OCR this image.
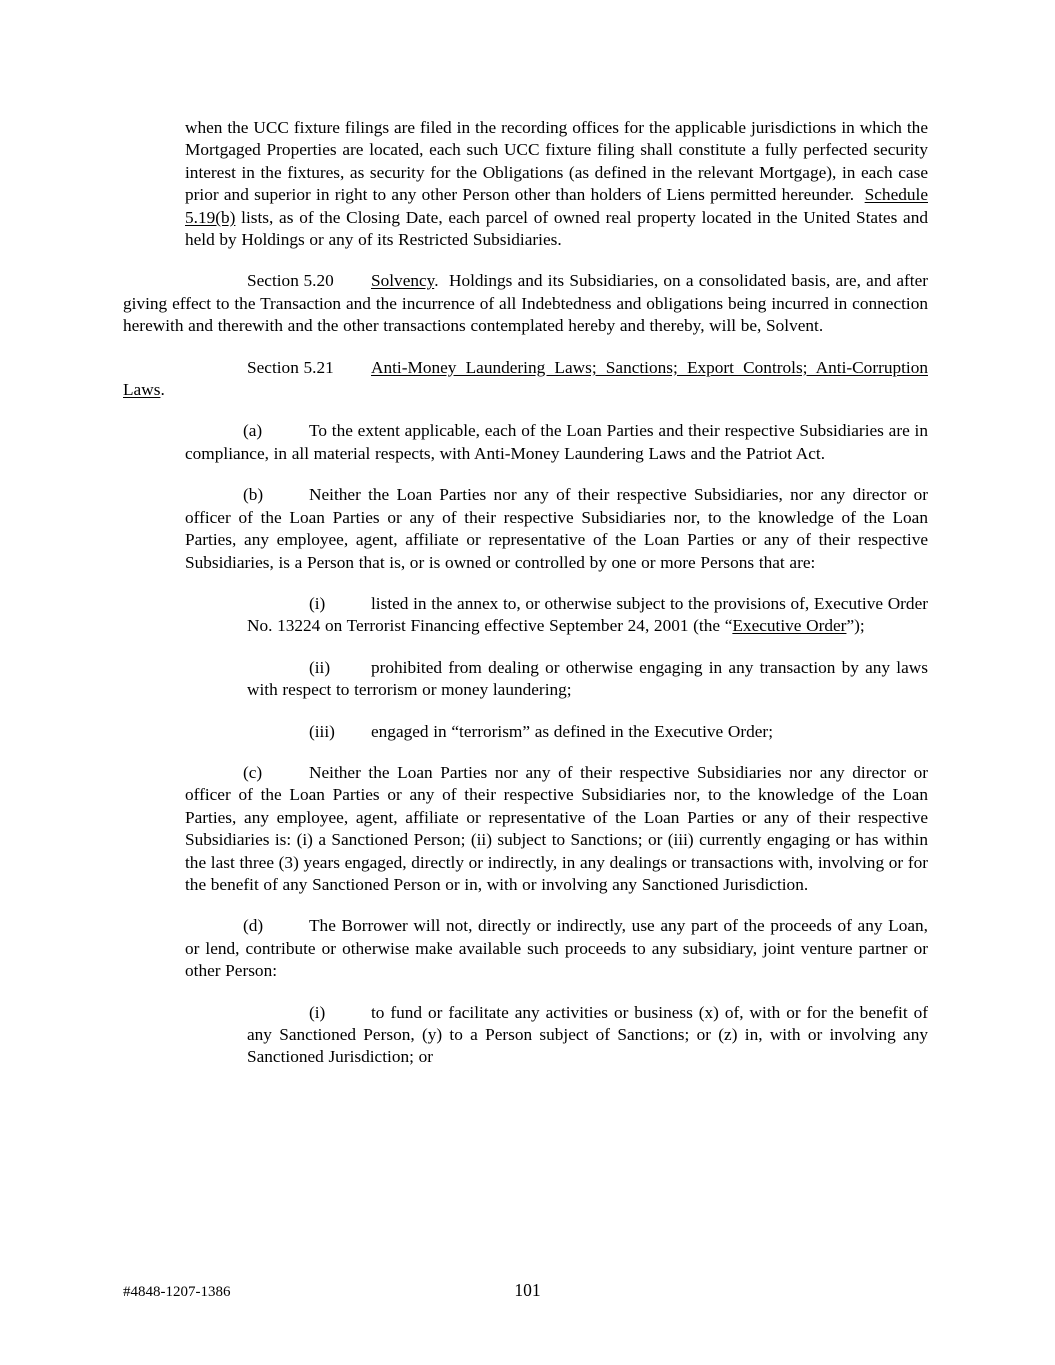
when the UCC fixture filings are filed in the recording offices for the applicable jurisdictions in which the Mortgaged Properties are located, each such UCC fixture filing shall constitute a fully perfected security interest in the fixtures, as security for the Obligations (as defined in the relevant Mortgage), in each case prior and superior in right to any other Person other than holders of Liens permitted hereunder.  Schedule 5.19(b) lists, as of the Closing Date, each parcel of owned real property located in the United States and held by Holdings or any of its Restricted Subsidiaries.

Section 5.20 Solvency.  Holdings and its Subsidiaries, on a consolidated basis, are, and after giving effect to the Transaction and the incurrence of all Indebtedness and obligations being incurred in connection herewith and therewith and the other transactions contemplated hereby and thereby, will be, Solvent.

Section 5.21 Anti-Money Laundering Laws; Sanctions; Export Controls; Anti-Corruption Laws.

(a)	To the extent applicable, each of the Loan Parties and their respective Subsidiaries are in compliance, in all material respects, with Anti-Money Laundering Laws and the Patriot Act.

(b)	Neither the Loan Parties nor any of their respective Subsidiaries, nor any director or officer of the Loan Parties or any of their respective Subsidiaries nor, to the knowledge of the Loan Parties, any employee, agent, affiliate or representative of the Loan Parties or any of their respective Subsidiaries, is a Person that is, or is owned or controlled by one or more Persons that are:

(i)	listed in the annex to, or otherwise subject to the provisions of, Executive Order No. 13224 on Terrorist Financing effective September 24, 2001 (the “Executive Order”);

(ii) prohibited from dealing or otherwise engaging in any transaction by any laws with respect to terrorism or money laundering;

(iii) engaged in “terrorism” as defined in the Executive Order;

(c)	Neither the Loan Parties nor any of their respective Subsidiaries nor any director or officer of the Loan Parties or any of their respective Subsidiaries nor, to the knowledge of the Loan Parties, any employee, agent, affiliate or representative of the Loan Parties or any of their respective Subsidiaries is: (i) a Sanctioned Person; (ii) subject to Sanctions; or (iii) currently engaging or has within the last three (3) years engaged, directly or indirectly, in any dealings or transactions with, involving or for the benefit of any Sanctioned Person or in, with or involving any Sanctioned Jurisdiction.

(d)	The Borrower will not, directly or indirectly, use any part of the proceeds of any Loan, or lend, contribute or otherwise make available such proceeds to any subsidiary, joint venture partner or other Person:

(i)	to fund or facilitate any activities or business (x) of, with or for the benefit of any Sanctioned Person, (y) to a Person subject of Sanctions; or (z) in, with or involving any Sanctioned Jurisdiction; or

#4848-1207-1386	101
